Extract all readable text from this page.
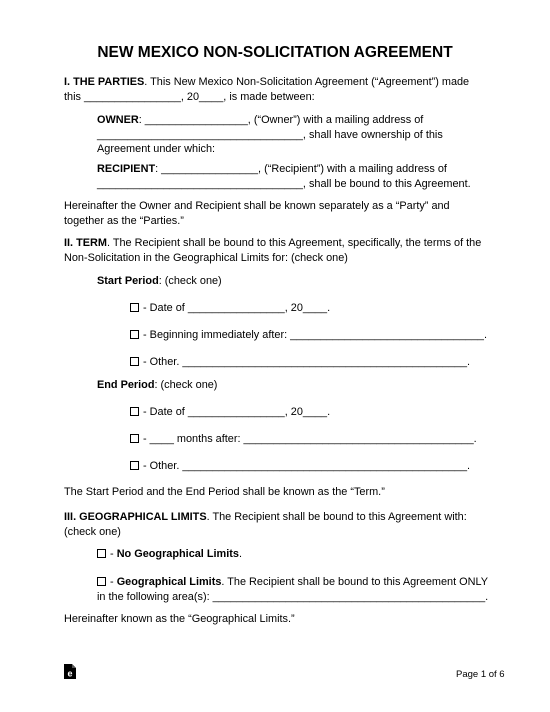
NEW MEXICO NON-SOLICITATION AGREEMENT
I. THE PARTIES. This New Mexico Non-Solicitation Agreement (“Agreement”) made
this ________________, 20____, is made between:
OWNER: _________________, (“Owner”) with a mailing address of
__________________________________, shall have ownership of this
Agreement under which:
RECIPIENT: ________________, (“Recipient”) with a mailing address of
__________________________________, shall be bound to this Agreement.
Hereinafter the Owner and Recipient shall be known separately as a “Party” and
together as the “Parties.”
II. TERM. The Recipient shall be bound to this Agreement, specifically, the terms of the
Non-Solicitation in the Geographical Limits for: (check one)
Start Period: (check one)
- Date of ________________, 20____.
- Beginning immediately after: ________________________________.
- Other. _______________________________________________.
End Period: (check one)
- Date of ________________, 20____.
- ____ months after: ______________________________________.
- Other. _______________________________________________.
The Start Period and the End Period shall be known as the “Term.”
III. GEOGRAPHICAL LIMITS. The Recipient shall be bound to this Agreement with:
(check one)
- No Geographical Limits.
- Geographical Limits. The Recipient shall be bound to this Agreement ONLY
in the following area(s): _____________________________________________.
Hereinafter known as the “Geographical Limits.”
e	Page 1 of 6
